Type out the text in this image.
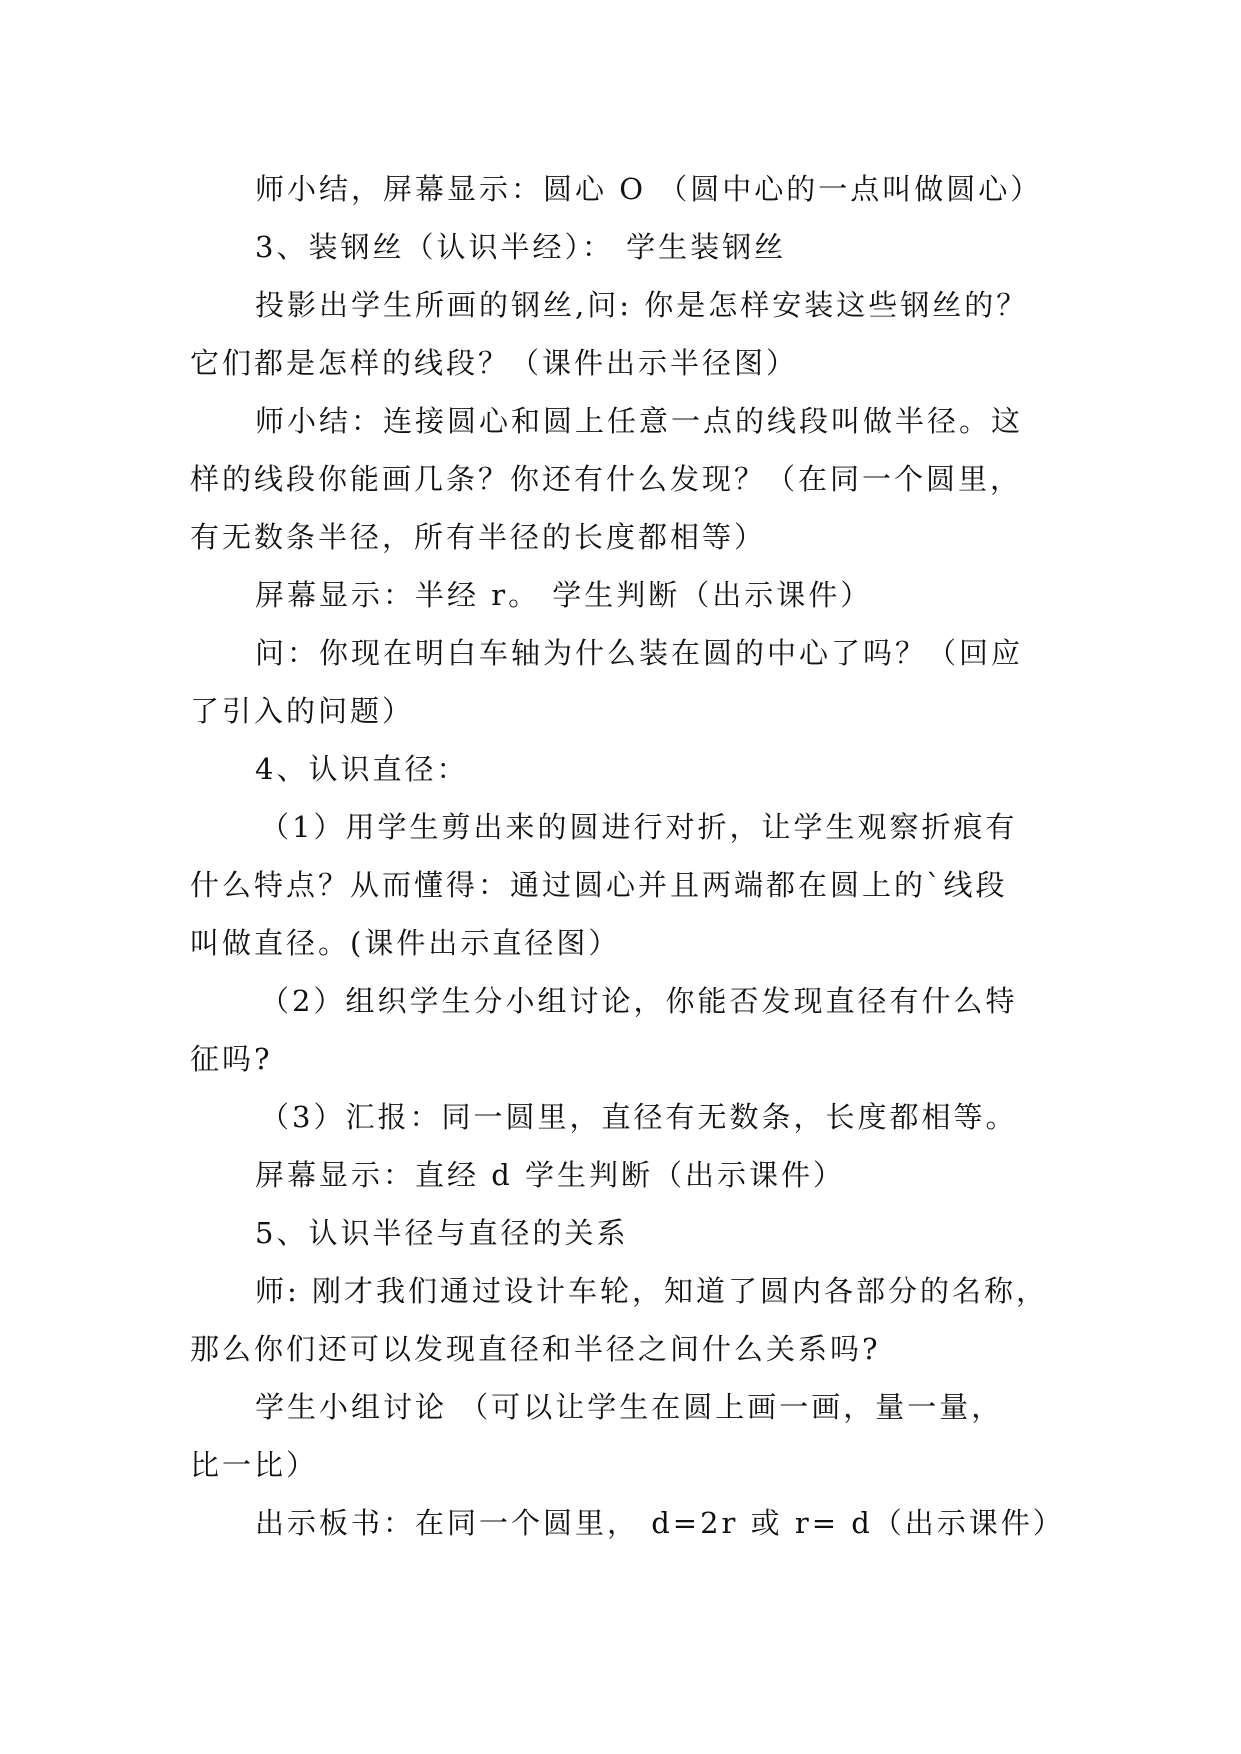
师小结，屏幕显示：圆心 O （圆中心的一点叫做圆心）
3、装钢丝（认识半经）： 学生装钢丝
投影出学生所画的钢丝,问: 你是怎样安装这些钢丝的？
它们都是怎样的线段？（课件出示半径图）
师小结：连接圆心和圆上任意一点的线段叫做半径。这
样的线段你能画几条？你还有什么发现？（在同一个圆里，
有无数条半径，所有半径的长度都相等）
屏幕显示：半经 r。 学生判断（出示课件）
问：你现在明白车轴为什么装在圆的中心了吗？（回应
了引入的问题）
4、认识直径：
（1）用学生剪出来的圆进行对折，让学生观察折痕有
什么特点？从而懂得：通过圆心并且两端都在圆上的`线段
叫做直径。(课件出示直径图）
（2）组织学生分小组讨论，你能否发现直径有什么特
征吗?
（3）汇报：同一圆里，直径有无数条，长度都相等。
屏幕显示：直经 d 学生判断（出示课件）
5、认识半径与直径的关系
师: 刚才我们通过设计车轮，知道了圆内各部分的名称，
那么你们还可以发现直径和半径之间什么关系吗?
学生小组讨论 （可以让学生在圆上画一画，量一量，
比一比）
出示板书：在同一个圆里， d=2r 或 r= d（出示课件）
